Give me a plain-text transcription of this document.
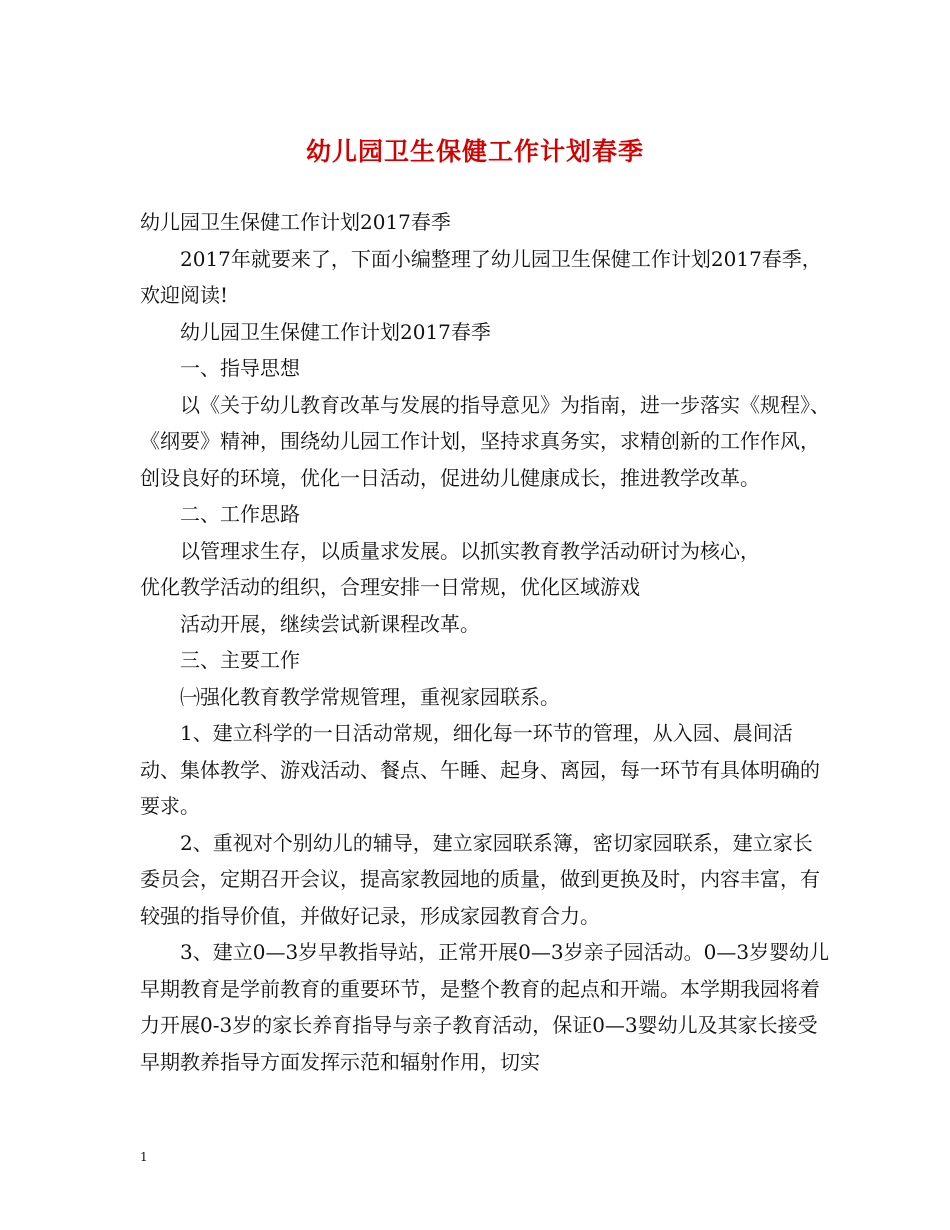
幼儿园卫生保健工作计划春季

幼儿园卫生保健工作计划2017春季

2017年就要来了，下面小编整理了幼儿园卫生保健工作计划2017春季，欢迎阅读!

幼儿园卫生保健工作计划2017春季

一、指导思想

以《关于幼儿教育改革与发展的指导意见》为指南，进一步落实《规程》、《纲要》精神，围绕幼儿园工作计划，坚持求真务实，求精创新的工作作风，创设良好的环境，优化一日活动，促进幼儿健康成长，推进教学改革。

二、工作思路

以管理求生存，以质量求发展。以抓实教育教学活动研讨为核心，

优化教学活动的组织，合理安排一日常规，优化区域游戏

活动开展，继续尝试新课程改革。

三、主要工作

㈠强化教育教学常规管理，重视家园联系。

1、建立科学的一日活动常规，细化每一环节的管理，从入园、晨间活动、集体教学、游戏活动、餐点、午睡、起身、离园，每一环节有具体明确的要求。

2、重视对个别幼儿的辅导，建立家园联系簿，密切家园联系，建立家长委员会，定期召开会议，提高家教园地的质量，做到更换及时，内容丰富，有较强的指导价值，并做好记录，形成家园教育合力。

3、建立0—3岁早教指导站，正常开展0—3岁亲子园活动。0—3岁婴幼儿早期教育是学前教育的重要环节，是整个教育的起点和开端。本学期我园将着力开展0-3岁的家长养育指导与亲子教育活动，保证0—3婴幼儿及其家长接受早期教养指导方面发挥示范和辐射作用，切实

1
